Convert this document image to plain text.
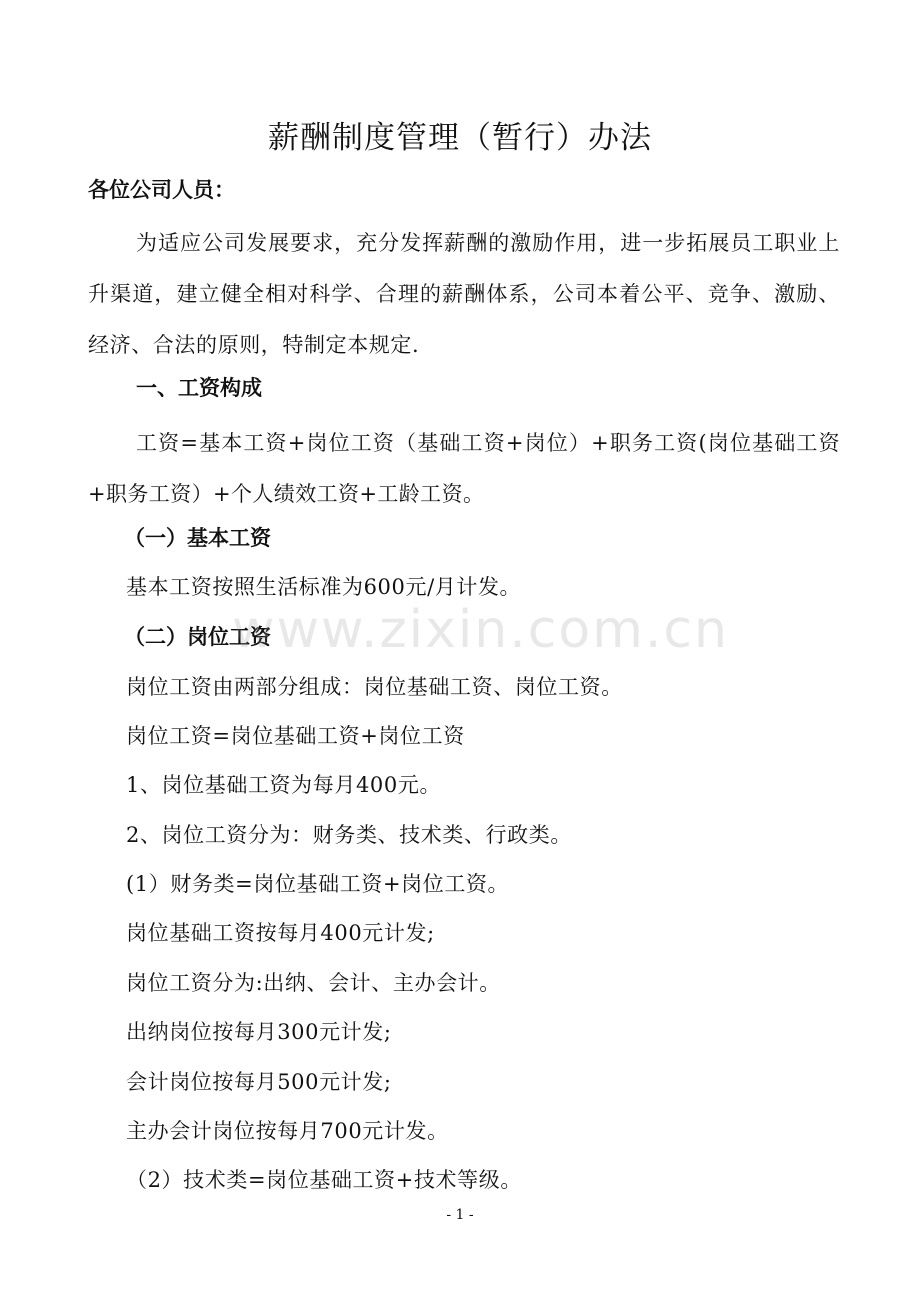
薪酬制度管理（暂行）办法

各位公司人员：

为适应公司发展要求，充分发挥薪酬的激励作用，进一步拓展员工职业上升渠道，建立健全相对科学、合理的薪酬体系，公司本着公平、竞争、激励、经济、合法的原则，特制定本规定.

一、工资构成

工资=基本工资+岗位工资（基础工资+岗位）+职务工资(岗位基础工资+职务工资）+个人绩效工资+工龄工资。

（一）基本工资

基本工资按照生活标准为600元/月计发。

（二）岗位工资

岗位工资由两部分组成：岗位基础工资、岗位工资。

岗位工资=岗位基础工资+岗位工资

1、岗位基础工资为每月400元。

2、岗位工资分为：财务类、技术类、行政类。

(1）财务类=岗位基础工资+岗位工资。

岗位基础工资按每月400元计发;

岗位工资分为:出纳、会计、主办会计。

出纳岗位按每月300元计发;

会计岗位按每月500元计发;

主办会计岗位按每月700元计发。

（2）技术类=岗位基础工资+技术等级。

www.zixin.com.cn

- 1 -
